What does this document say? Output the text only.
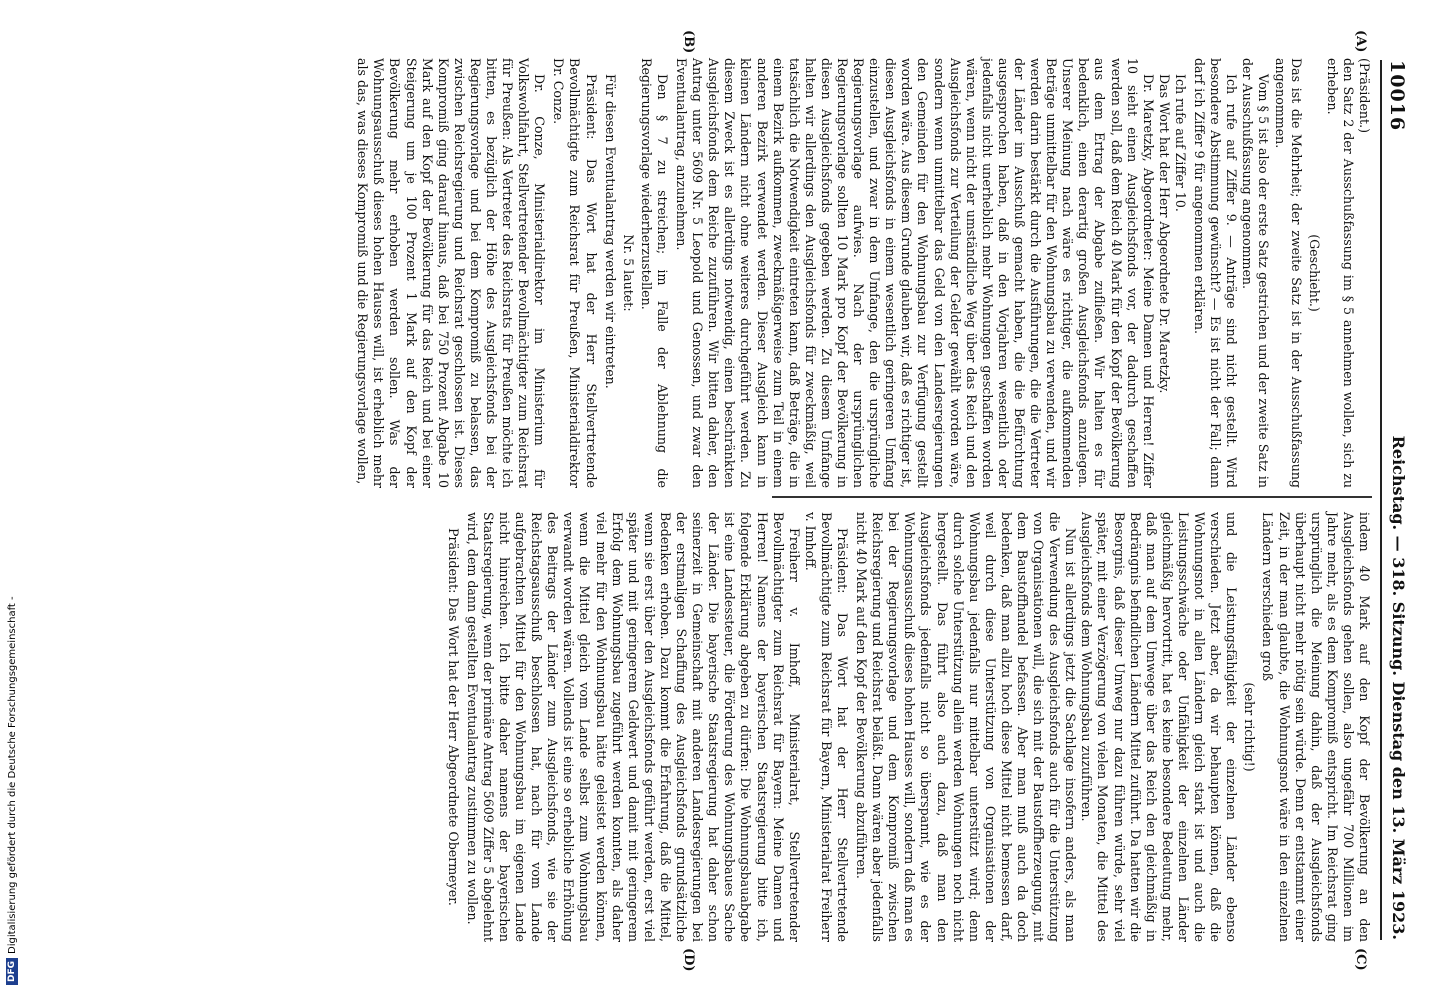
10016
Reichstag. — 318. Sitzung. Dienstag den 13. März 1923.
(A)
(B)
(C)
(D)

(Präsident.)

den Satz 2 der Ausschußfassung im § 5 annehmen wollen, sich zu erheben.

(Geschieht.)

Das ist die Mehrheit; der zweite Satz ist in der Ausschußfassung angenommen.

Vom § 5 ist also der erste Satz gestrichen und der zweite Satz in der Ausschußfassung angenommen.

Ich rufe auf Ziffer 9. — Anträge sind nicht gestellt. Wird besondere Abstimmung gewünscht? — Es ist nicht der Fall; dann darf ich Ziffer 9 für angenommen erklären.

Ich rufe auf Ziffer 10.

Das Wort hat der Herr Abgeordnete Dr. Maretzky.

Dr. Maretzky, Abgeordneter: Meine Damen und Herren! Ziffer 10 sieht einen Ausgleichsfonds vor, der dadurch geschaffen werden soll, daß dem Reich 40 Mark für den Kopf der Bevölkerung aus dem Ertrag der Abgabe zufließen. Wir halten es für bedenklich, einen derartig großen Ausgleichsfonds anzulegen. Unserer Meinung nach wäre es richtiger, die aufkommenden Beträge unmittelbar für den Wohnungsbau zu verwenden, und wir werden darin bestärkt durch die Ausführungen, die die Vertreter der Länder im Ausschuß gemacht haben, die die Befürchtung ausgesprochen haben, daß in den Vorjahren wesentlich oder jedenfalls nicht unerheblich mehr Wohnungen geschaffen worden wären, wenn nicht der umständliche Weg über das Reich und den Ausgleichsfonds zur Verteilung der Gelder gewählt worden wäre, sondern wenn unmittelbar das Geld von den Landesregierungen den Gemeinden für den Wohnungsbau zur Verfügung gestellt worden wäre. Aus diesem Grunde glauben wir, daß es richtiger ist, diesen Ausgleichsfonds in einem wesentlich geringeren Umfang einzustellen, und zwar in dem Umfange, den die ursprüngliche Regierungsvorlage aufwies. Nach der ursprünglichen Regierungsvorlage sollten 10 Mark pro Kopf der Bevölkerung in diesen Ausgleichsfonds gegeben werden. Zu diesem Umfange halten wir allerdings den Ausgleichsfonds für zweckmäßig, weil tatsächlich die Notwendigkeit eintreten kann, daß Beträge, die in einem Bezirk aufkommen, zweckmäßigerweise zum Teil in einem anderen Bezirk verwendet werden. Dieser Ausgleich kann in kleinen Ländern nicht ohne weiteres durchgeführt werden. Zu diesem Zweck ist es allerdings notwendig, einen beschränkten Ausgleichsfonds dem Reiche zuzuführen. Wir bitten daher, den Antrag unter 5609 Nr. 5 Leopold und Genossen, und zwar den Eventualantrag, anzunehmen.

Den § 7 zu streichen; im Falle der Ablehnung die Regierungsvorlage wiederherzustellen.

Nr. 5 lautet:

Für diesen Eventualantrag werden wir eintreten.

Präsident: Das Wort hat der Herr Stellvertretende Bevollmächtigte zum Reichsrat für Preußen, Ministerialdirektor Dr. Conze.

Dr. Conze, Ministerialdirektor im Ministerium für Volkswohlfahrt, Stellvertretender Bevollmächtigter zum Reichsrat für Preußen: Als Vertreter des Reichsrats für Preußen möchte ich bitten, es bezüglich der Höhe des Ausgleichsfonds bei der Regierungsvorlage und bei dem Kompromiß zu belassen, das zwischen Reichsregierung und Reichsrat geschlossen ist. Dieses Kompromiß ging darauf hinaus, daß bei 750 Prozent Abgabe 10 Mark auf den Kopf der Bevölkerung für das Reich und bei einer Steigerung um je 100 Prozent 1 Mark auf den Kopf der Bevölkerung mehr erhoben werden sollen. Was der Wohnungsausschuß dieses hohen Hauses will, ist erheblich mehr als das, was dieses Kompromiß und die Regierungsvorlage wollen,

indem 40 Mark auf den Kopf der Bevölkerung an den Ausgleichsfonds gehen sollen, also ungefähr 700 Millionen im Jahre mehr, als es dem Kompromiß entspricht. Im Reichsrat ging ursprünglich die Meinung dahin, daß der Ausgleichsfonds überhaupt nicht mehr nötig sein würde. Denn er entstammt einer Zeit, in der man glaubte, die Wohnungsnot wäre in den einzelnen Ländern verschieden groß

(sehr richtig!)

und die Leistungsfähigkeit der einzelnen Länder ebenso verschieden. Jetzt aber, da wir behaupten können, daß die Wohnungsnot in allen Ländern gleich stark ist und auch die Leistungsschwäche oder Unfähigkeit der einzelnen Länder gleichmäßig hervortritt, hat es keine besondere Bedeutung mehr, daß man auf dem Umwege über das Reich den gleichmäßig in Bedrängnis befindlichen Ländern Mittel zuführt. Da hatten wir die Besorgnis, daß dieser Umweg nur dazu führen würde, sehr viel später, mit einer Verzögerung von vielen Monaten, die Mittel des Ausgleichsfonds dem Wohnungsbau zuzuführen.

Nun ist allerdings jetzt die Sachlage insofern anders, als man die Verwendung des Ausgleichsfonds auch für die Unterstützung von Organisationen will, die sich mit der Baustoffherzeugung, mit dem Baustoffhandel befassen. Aber man muß auch da doch bedenken, daß man allzu hoch diese Mittel nicht bemessen darf, weil durch diese Unterstützung von Organisationen der Wohnungsbau jedenfalls nur mittelbar unterstützt wird; denn durch solche Unterstützung allein werden Wohnungen noch nicht hergestellt. Das führt also auch dazu, daß man den Ausgleichsfonds jedenfalls nicht so überspannt, wie es der Wohnungsausschuß dieses hohen Hauses will, sondern daß man es bei der Regierungsvorlage und dem Kompromiß zwischen Reichsregierung und Reichsrat beläßt. Dann wären aber jedenfalls nicht 40 Mark auf den Kopf der Bevölkerung abzuführen.

Präsident: Das Wort hat der Herr Stellvertretende Bevollmächtigte zum Reichsrat für Bayern, Ministerialrat Freiherr v. Imhoff.

Freiherr v. Imhoff, Ministerialrat, Stellvertretender Bevollmächtigter zum Reichsrat für Bayern: Meine Damen und Herren! Namens der bayerischen Staatsregierung bitte ich, folgende Erklärung abgeben zu dürfen: Die Wohnungsbauabgabe ist eine Landessteuer, die Förderung des Wohnungsbaues Sache der Länder. Die bayerische Staatsregierung hat daher schon seinerzeit in Gemeinschaft mit anderen Landesregierungen bei der erstmaligen Schaffung des Ausgleichsfonds grundsätzliche Bedenken erhoben. Dazu kommt die Erfahrung, daß die Mittel, wenn sie erst über den Ausgleichsfonds geführt werden, erst viel später und mit geringerem Geldwert und damit mit geringerem Erfolg dem Wohnungsbau zugeführt werden konnten, als daher viel mehr für den Wohnungsbau hätte geleistet werden können, wenn die Mittel gleich vom Lande selbst zum Wohnungsbau verwandt worden wären. Vollends ist eine so erhebliche Erhöhung des Beitrags der Länder zum Ausgleichsfonds, wie sie der Reichstagsausschuß beschlossen hat, nach für vom Lande aufgebrachten Mittel für den Wohnungsbau im eigenen Lande nicht hinreichen. Ich bitte daher namens der bayerischen Staatsregierung, wenn der primäre Antrag 5609 Ziffer 5 abgelehnt wird, dem dann gestellten Eventualantrag zustimmen zu wollen.

Präsident: Das Wort hat der Herr Abgeordnete Obermeyer.

DFGDigitalisierung gefördert durch die Deutsche Forschungsgemeinschaft -
